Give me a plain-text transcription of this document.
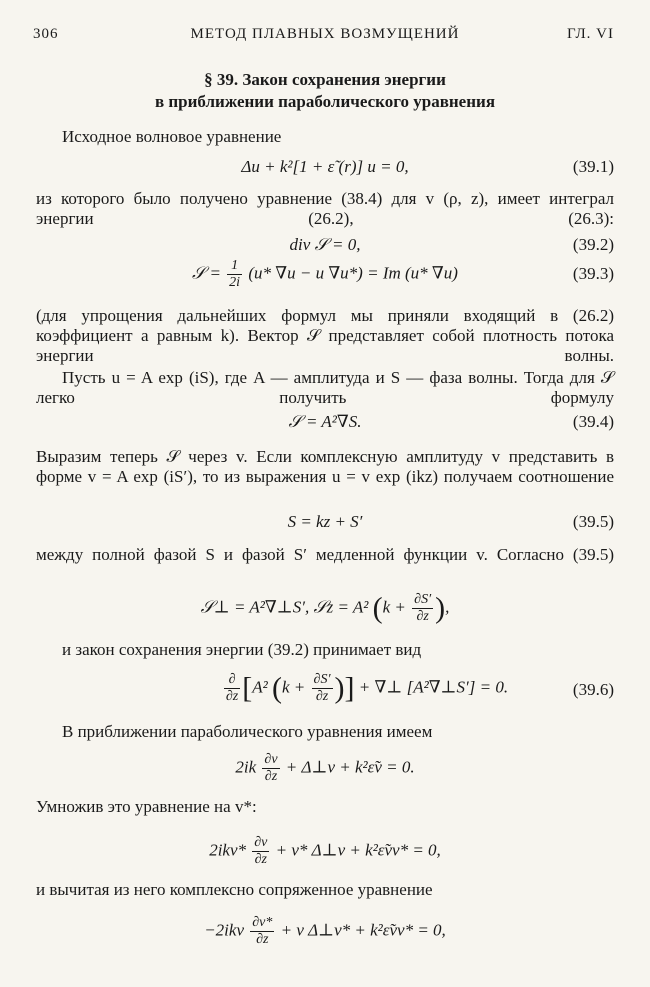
306	МЕТОД ПЛАВНЫХ ВОЗМУЩЕНИЙ	ГЛ. VI
§ 39. Закон сохранения энергии
в приближении параболического уравнения
Исходное волновое уравнение
Δu + k²[1 + ε̃ (r)] u = 0,	(39.1)
из которого было получено уравнение (38.4) для v (ρ, z), имеет интеграл энергии (26.2), (26.3):
div 𝒮 = 0,	(39.2)
𝒮 = $\frac{1}{2i} (u*$ ∇u − u ∇u*) = Im (u* ∇u)	(39.3)
(для упрощения дальнейших формул мы приняли входящий в (26.2) коэффициент a равным k). Вектор 𝒮 представляет собой плотность потока энергии волны.
Пусть u = A exp (iS), где A — амплитуда и S — фаза волны. Тогда для 𝒮 легко получить формулу
𝒮 = A²∇S.	(39.4)
Выразим теперь 𝒮 через v. Если комплексную амплитуду v представить в форме v = A exp (iS′), то из выражения u = v exp (ikz) получаем соотношение
S = kz + S′	(39.5)
между полной фазой S и фазой S′ медленной функции v. Согласно (39.5)
𝒮⊥ = A²∇⊥S′, 𝒮z = A² ($k + \frac{\partial S'}{\partial z}$ ),
и закон сохранения энергии (39.2) принимает вид
$\frac{\partial}{\partial z} [A^2$ ($k + \frac{\partial S'}{\partial z}$ )] + ∇⊥ [A²∇⊥S′] = 0.	(39.6)
В приближении параболического уравнения имеем
$2ik \frac{\partial v}{\partial z}$ + Δ⊥v + k²ε̃v = 0.
Умножив это уравнение на v*:
$2ikv* \frac{\partial v}{\partial z} + v*$ Δ⊥v + k²ε̃vv* = 0,
и вычитая из него комплексно сопряженное уравнение
$-2ikv \frac{\partial v*}{\partial z} + v$ Δ⊥v* + k²ε̃vv* = 0,
